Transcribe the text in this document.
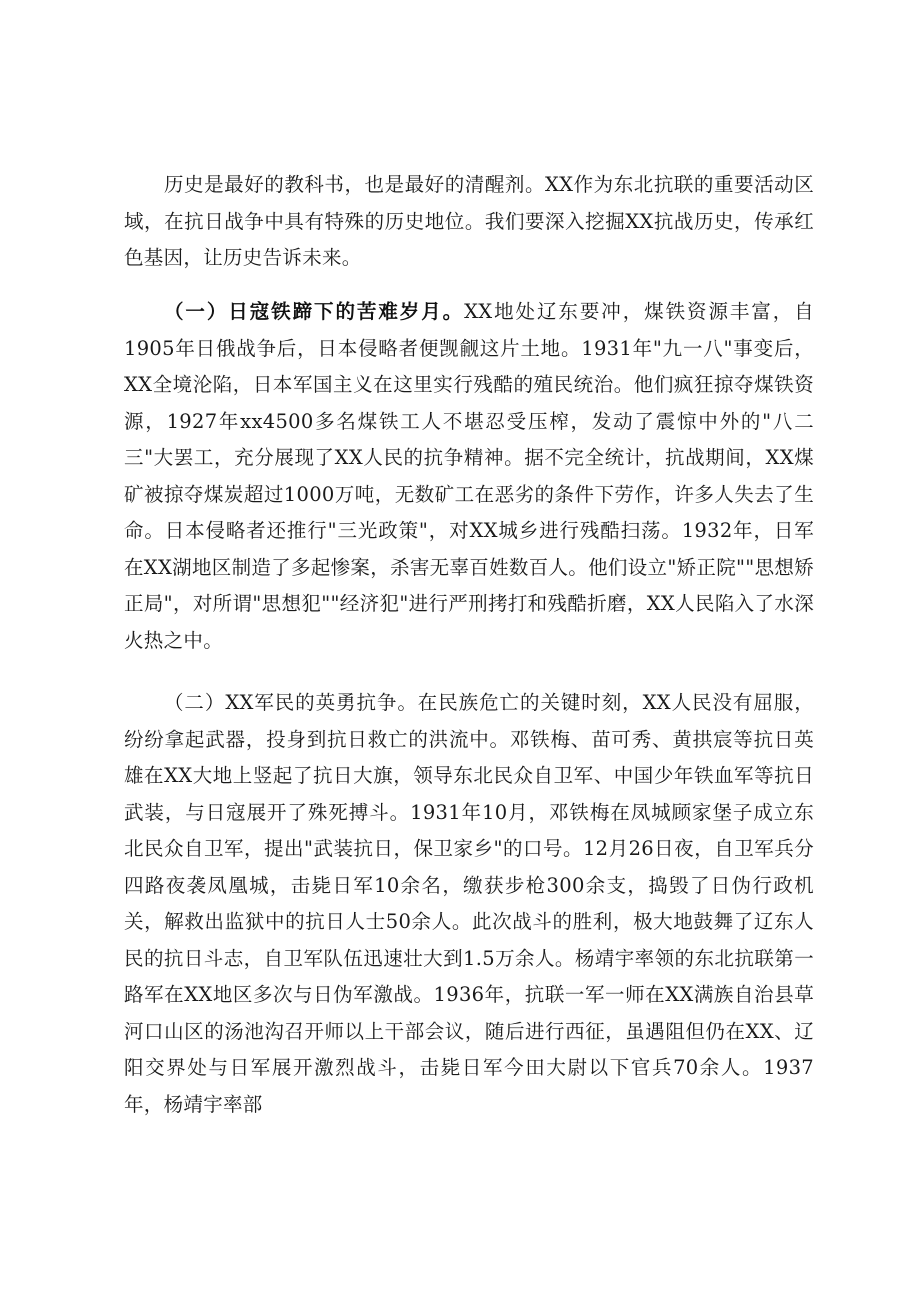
历史是最好的教科书，也是最好的清醒剂。XX作为东北抗联的重要活动区域，在抗日战争中具有特殊的历史地位。我们要深入挖掘XX抗战历史，传承红色基因，让历史告诉未来。

（一）日寇铁蹄下的苦难岁月。XX地处辽东要冲，煤铁资源丰富，自1905年日俄战争后，日本侵略者便觊觎这片土地。1931年"九一八"事变后，XX全境沦陷，日本军国主义在这里实行残酷的殖民统治。他们疯狂掠夺煤铁资源，1927年xx4500多名煤铁工人不堪忍受压榨，发动了震惊中外的"八二三"大罢工，充分展现了XX人民的抗争精神。据不完全统计，抗战期间，XX煤矿被掠夺煤炭超过1000万吨，无数矿工在恶劣的条件下劳作，许多人失去了生命。日本侵略者还推行"三光政策"，对XX城乡进行残酷扫荡。1932年，日军在XX湖地区制造了多起惨案，杀害无辜百姓数百人。他们设立"矫正院""思想矫正局"，对所谓"思想犯""经济犯"进行严刑拷打和残酷折磨，XX人民陷入了水深火热之中。

（二）XX军民的英勇抗争。在民族危亡的关键时刻，XX人民没有屈服，纷纷拿起武器，投身到抗日救亡的洪流中。邓铁梅、苗可秀、黄拱宸等抗日英雄在XX大地上竖起了抗日大旗，领导东北民众自卫军、中国少年铁血军等抗日武装，与日寇展开了殊死搏斗。1931年10月，邓铁梅在凤城顾家堡子成立东北民众自卫军，提出"武装抗日，保卫家乡"的口号。12月26日夜，自卫军兵分四路夜袭凤凰城，击毙日军10余名，缴获步枪300余支，捣毁了日伪行政机关，解救出监狱中的抗日人士50余人。此次战斗的胜利，极大地鼓舞了辽东人民的抗日斗志，自卫军队伍迅速壮大到1.5万余人。杨靖宇率领的东北抗联第一路军在XX地区多次与日伪军激战。1936年，抗联一军一师在XX满族自治县草河口山区的汤池沟召开师以上干部会议，随后进行西征，虽遇阻但仍在XX、辽阳交界处与日军展开激烈战斗，击毙日军今田大尉以下官兵70余人。1937年，杨靖宇率部
